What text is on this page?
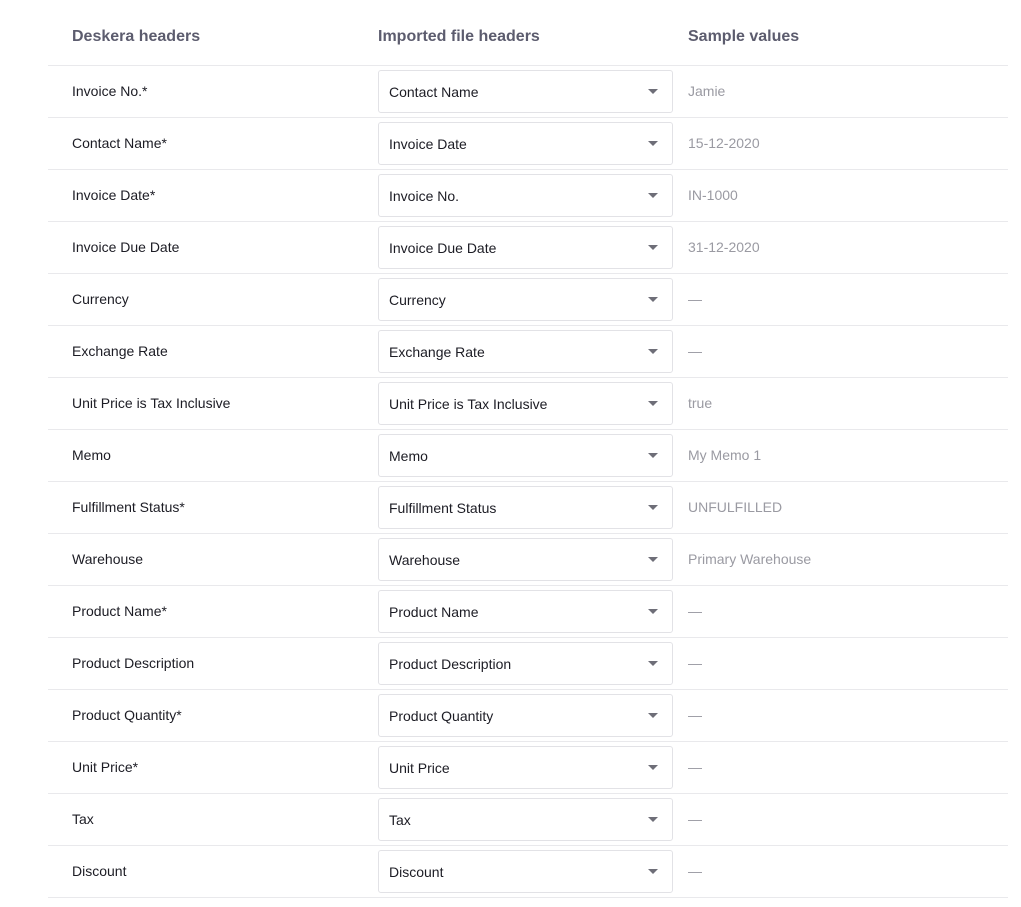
Deskera headers	Imported file headers	Sample values
Invoice No.*	Contact Name	Jamie
Contact Name*	Invoice Date	15-12-2020
Invoice Date*	Invoice No.	IN-1000
Invoice Due Date	Invoice Due Date	31-12-2020
Currency	Currency	—
Exchange Rate	Exchange Rate	—
Unit Price is Tax Inclusive	Unit Price is Tax Inclusive	true
Memo	Memo	My Memo 1
Fulfillment Status*	Fulfillment Status	UNFULFILLED
Warehouse	Warehouse	Primary Warehouse
Product Name*	Product Name	—
Product Description	Product Description	—
Product Quantity*	Product Quantity	—
Unit Price*	Unit Price	—
Tax	Tax	—
Discount	Discount	—
